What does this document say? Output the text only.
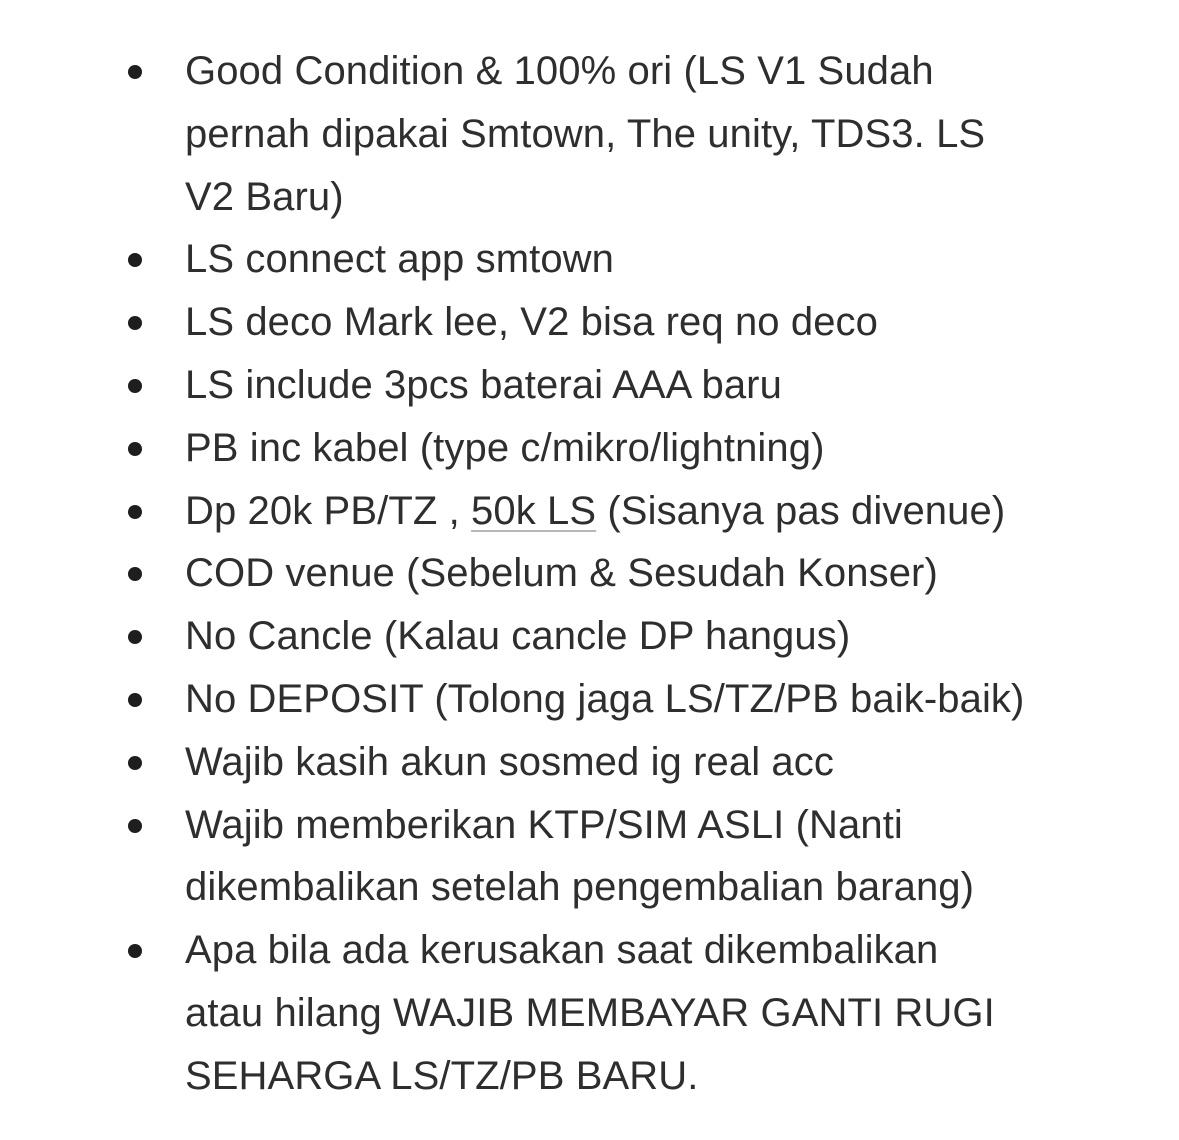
Good Condition & 100% ori (LS V1 Sudah
pernah dipakai Smtown, The unity, TDS3. LS
V2 Baru)
LS connect app smtown
LS deco Mark lee, V2 bisa req no deco
LS include 3pcs baterai AAA baru
PB inc kabel (type c/mikro/lightning)
Dp 20k PB/TZ , 50k LS (Sisanya pas divenue)
COD venue (Sebelum & Sesudah Konser)
No Cancle (Kalau cancle DP hangus)
No DEPOSIT (Tolong jaga LS/TZ/PB baik-baik)
Wajib kasih akun sosmed ig real acc
Wajib memberikan KTP/SIM ASLI (Nanti
dikembalikan setelah pengembalian barang)
Apa bila ada kerusakan saat dikembalikan
atau hilang WAJIB MEMBAYAR GANTI RUGI
SEHARGA LS/TZ/PB BARU.
